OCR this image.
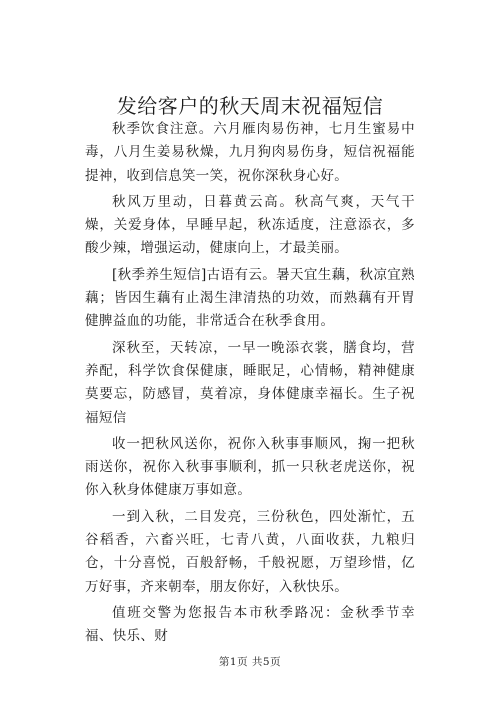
发给客户的秋天周末祝福短信

秋季饮食注意。六月雁肉易伤神，七月生蜜易中毒，八月生姜易秋燥，九月狗肉易伤身，短信祝福能提神，收到信息笑一笑，祝你深秋身心好。

秋风万里动，日暮黄云高。秋高气爽，天气干燥，关爱身体，早睡早起，秋冻适度，注意添衣，多酸少辣，增强运动，健康向上，才最美丽。

[秋季养生短信]古语有云。暑天宜生藕，秋凉宜熟藕；皆因生藕有止渴生津清热的功效，而熟藕有开胃健脾益血的功能，非常适合在秋季食用。

深秋至，天转凉，一早一晚添衣裳，膳食均，营养配，科学饮食保健康，睡眠足，心情畅，精神健康莫要忘，防感冒，莫着凉，身体健康幸福长。生子祝福短信

收一把秋风送你，祝你入秋事事顺风，掬一把秋雨送你，祝你入秋事事顺利，抓一只秋老虎送你，祝你入秋身体健康万事如意。

一到入秋，二目发亮，三份秋色，四处渐忙，五谷稻香，六畜兴旺，七青八黄，八面收获，九粮归仓，十分喜悦，百般舒畅，千般祝愿，万望珍惜，亿万好事，齐来朝奉，朋友你好，入秋快乐。

值班交警为您报告本市秋季路况：金秋季节幸福、快乐、财

第1页 共5页
